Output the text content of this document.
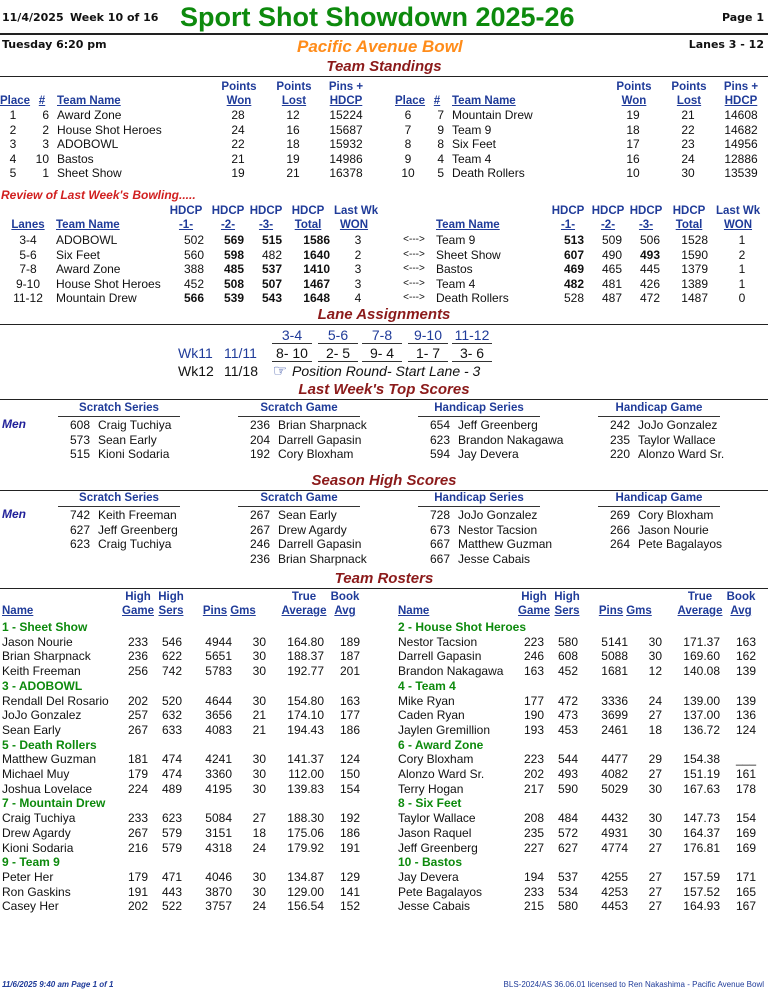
11/4/2025 Week 10 of 16 Sport Shot Showdown 2025-26	Page 1
Tuesday 6:20 pm	Pacific Avenue Bowl	Lanes 3 - 12
Team Standings
Place # Team Name
Points
Won
Points
Lost
Pins +
HDCP
1	6 Award Zone	28	12	15224
2	2 House Shot Heroes	24	16	15687
3	3 ADOBOWL	22	18	15932
4	10 Bastos	21	19	14986
5	1 Sheet Show	19	21	16378
Place # Team Name
Points
Won
Points
Lost
Pins +
HDCP
6	7 Mountain Drew	19	21	14608
7	9 Team 9	18	22	14682
8	8 Six Feet	17	23	14956
9	4 Team 4	16	24	12886
10	5 Death Rollers	10	30	13539
Review of Last Week's Bowling.....
Lanes Team Name
HDCP
-1-
HDCP
-2-
HDCP
-3-
HDCP
Total
Last Wk
WON	Team Name
HDCP
-1-
HDCP
-2-
HDCP
-3-
HDCP
Total
Last Wk
WON
3-4	ADOBOWL	502	569	515	1586	3	<---> Team 9	513	509	506	1528	1
5-6	Six Feet	560	598	482	1640	2	<---> Sheet Show	607	490	493	1590	2
7-8	Award Zone	388	485	537	1410	3	<---> Bastos	469	465	445	1379	1
9-10	House Shot Heroes	452	508	507	1467	3	<---> Team 4	482	481	426	1389	1
11-12	Mountain Drew	566	539	543	1648	4	<---> Death Rollers	528	487	472	1487	0
Lane Assignments
3-4	5-6	7-8	9-10 11-12
Wk11 11/11	8- 10	2- 5	9- 4	1- 7	3- 6
Wk12 11/18 ☞ Position Round- Start Lane - 3
Last Week's Top Scores
Men
Scratch Series
608 Craig Tuchiya
573 Sean Early
515 Kioni Sodaria
Scratch Game
236 Brian Sharpnack
204 Darrell Gapasin
192 Cory Bloxham
Handicap Series
654 Jeff Greenberg
623 Brandon Nakagawa
594 Jay Devera
Handicap Game
242 JoJo Gonzalez
235 Taylor Wallace
220 Alonzo Ward Sr.
Season High Scores
Men
Scratch Series
742 Keith Freeman
627 Jeff Greenberg
623 Craig Tuchiya
Scratch Game
267 Sean Early
267 Drew Agardy
246 Darrell Gapasin
236 Brian Sharpnack
Handicap Series
728 JoJo Gonzalez
673 Nestor Tacsion
667 Matthew Guzman
667 Jesse Cabais
Handicap Game
269 Cory Bloxham
266 Jason Nourie
264 Pete Bagalayos
Team Rosters
Name
High
Game
High
Sers Pins Gms
True
Average
Book
Avg
1 - Sheet Show
Jason Nourie	233	546	4944	30	164.80	189
Brian Sharpnack	236	622	5651	30	188.37	187
Keith Freeman	256	742	5783	30	192.77	201
3 - ADOBOWL
Rendall Del Rosario	202	520	4644	30	154.80	163
JoJo Gonzalez	257	632	3656	21	174.10	177
Sean Early	267	633	4083	21	194.43	186
5 - Death Rollers
Matthew Guzman	181	474	4241	30	141.37	124
Michael Muy	179	474	3360	30	112.00	150
Joshua Lovelace	224	489	4195	30	139.83	154
7 - Mountain Drew
Craig Tuchiya	233	623	5084	27	188.30	192
Drew Agardy	267	579	3151	18	175.06	186
Kioni Sodaria	216	579	4318	24	179.92	191
9 - Team 9
Peter Her	179	471	4046	30	134.87	129
Ron Gaskins	191	443	3870	30	129.00	141
Casey Her	202	522	3757	24	156.54	152
Name
High
Game
High
Sers Pins Gms
True
Average
Book
Avg
2 - House Shot Heroes
Nestor Tacsion	223	580	5141	30	171.37	163
Darrell Gapasin	246	608	5088	30	169.60	162
Brandon Nakagawa	163	452	1681	12	140.08	139
4 - Team 4
Mike Ryan	177	472	3336	24	139.00	139
Caden Ryan	190	473	3699	27	137.00	136
Jaylen Gremillion	193	453	2461	18	136.72	124
6 - Award Zone
Cory Bloxham	223	544	4477	29	154.38	___
Alonzo Ward Sr.	202	493	4082	27	151.19	161
Terry Hogan	217	590	5029	30	167.63	178
8 - Six Feet
Taylor Wallace	208	484	4432	30	147.73	154
Jason Raquel	235	572	4931	30	164.37	169
Jeff Greenberg	227	627	4774	27	176.81	169
10 - Bastos
Jay Devera	194	537	4255	27	157.59	171
Pete Bagalayos	233	534	4253	27	157.52	165
Jesse Cabais	215	580	4453	27	164.93	167
11/6/2025 9:40 am Page 1 of 1	BLS-2024/AS 36.06.01 licensed to Ren Nakashima - Pacific Avenue Bowl
